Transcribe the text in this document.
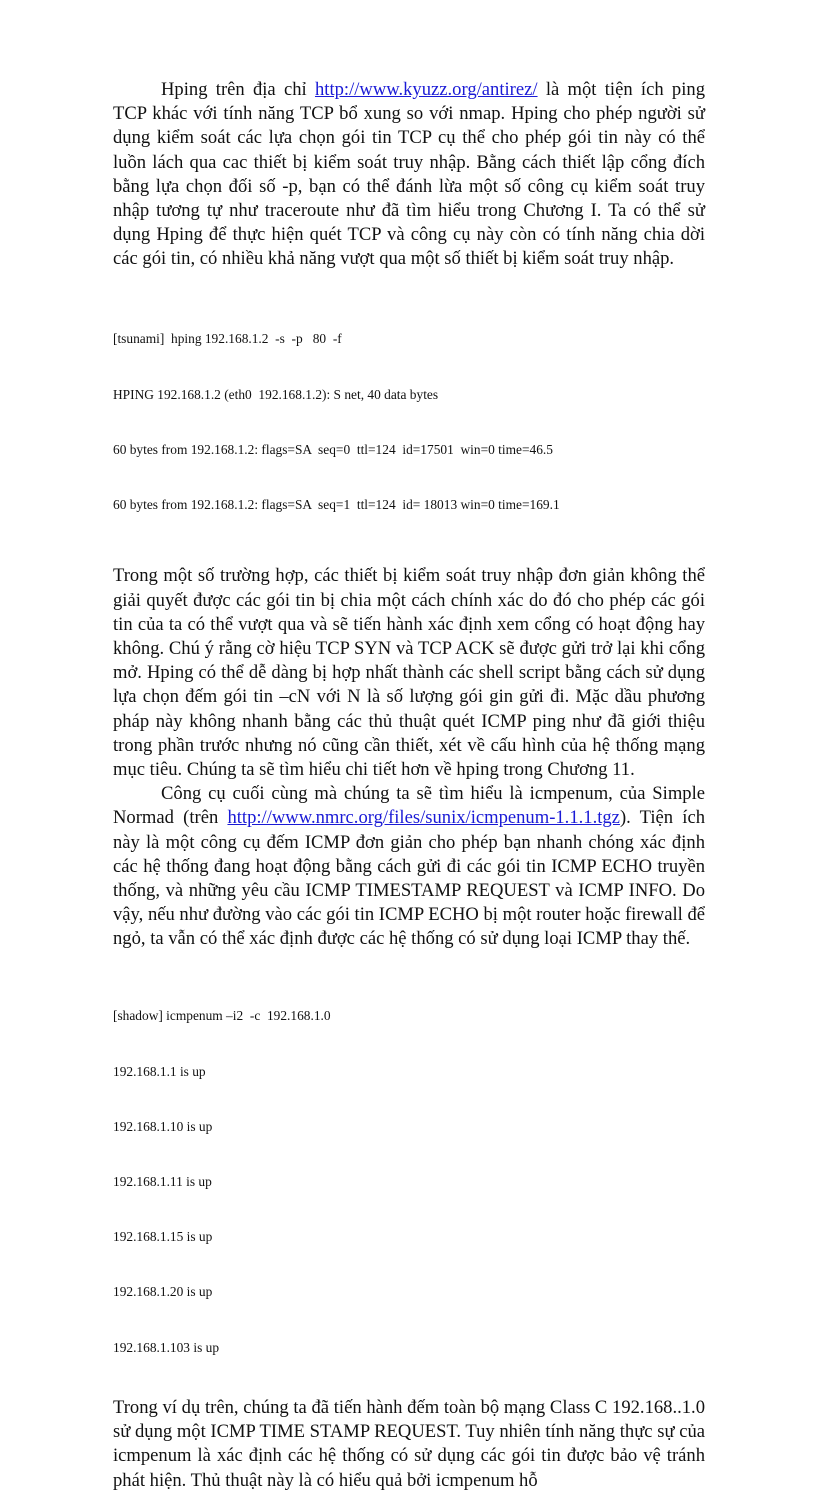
Hping trên địa chỉ http://www.kyuzz.org/antirez/ là một tiện ích ping TCP khác với tính năng TCP bổ xung so với nmap. Hping cho phép người sử dụng kiểm soát các lựa chọn gói tin TCP cụ thể cho phép gói tin này có thể luồn lách qua cac thiết bị kiểm soát truy nhập. Bằng cách thiết lập cổng đích bằng lựa chọn đối số -p, bạn có thể đánh lừa một số công cụ kiểm soát truy nhập tương tự như traceroute như đã tìm hiểu trong Chương I. Ta có thể sử dụng Hping để thực hiện quét TCP và công cụ này còn có tính năng chia dời các gói tin, có nhiều khả năng vượt qua một số thiết bị kiểm soát truy nhập.

[tsunami]  hping 192.168.1.2  -s  -p   80  -f

HPING 192.168.1.2 (eth0  192.168.1.2): S net, 40 data bytes

60 bytes from 192.168.1.2: flags=SA  seq=0  ttl=124  id=17501  win=0 time=46.5

60 bytes from 192.168.1.2: flags=SA  seq=1  ttl=124  id= 18013 win=0 time=169.1

Trong một số trường hợp, các thiết bị kiểm soát truy nhập đơn giản không thể giải quyết được các gói tin bị chia một cách chính xác do đó cho phép các gói tin của ta có thể vượt qua và sẽ tiến hành xác định xem cổng có hoạt động hay không. Chú ý rằng cờ hiệu TCP SYN và TCP ACK sẽ được gửi trở lại khi cổng mở. Hping có thể dễ dàng bị hợp nhất thành các shell script bằng cách sử dụng lựa chọn đếm gói tin –cN với N là số lượng gói gin gửi đi. Mặc dầu phương pháp này không nhanh bằng các thủ thuật quét ICMP ping như đã giới thiệu trong phần trước nhưng nó cũng cần thiết, xét về cấu hình của hệ thống mạng mục tiêu. Chúng ta sẽ tìm hiểu chi tiết hơn về hping trong Chương 11.

Công cụ cuối cùng mà chúng ta sẽ tìm hiểu là icmpenum, của Simple Normad (trên http://www.nmrc.org/files/sunix/icmpenum-1.1.1.tgz). Tiện ích này là một công cụ đếm ICMP đơn giản cho phép bạn nhanh chóng xác định các hệ thống đang hoạt động bằng cách gửi đi các gói tin ICMP ECHO truyền thống, và những yêu cầu ICMP TIMESTAMP REQUEST và ICMP INFO. Do vậy, nếu như đường vào các gói tin ICMP ECHO bị một router hoặc firewall để ngỏ, ta vẫn có thể xác định được các hệ thống có sử dụng loại ICMP thay thế.

[shadow] icmpenum –i2  -c  192.168.1.0

192.168.1.1 is up

192.168.1.10 is up

192.168.1.11 is up

192.168.1.15 is up

192.168.1.20 is up

192.168.1.103 is up

Trong ví dụ trên, chúng ta đã tiến hành đếm toàn bộ mạng Class C 192.168..1.0 sử dụng một ICMP TIME STAMP REQUEST. Tuy nhiên tính năng thực sự của icmpenum là xác định các hệ thống có sử dụng các gói tin được bảo vệ tránh phát hiện. Thủ thuật này là có hiểu quả bởi icmpenum hỗ
